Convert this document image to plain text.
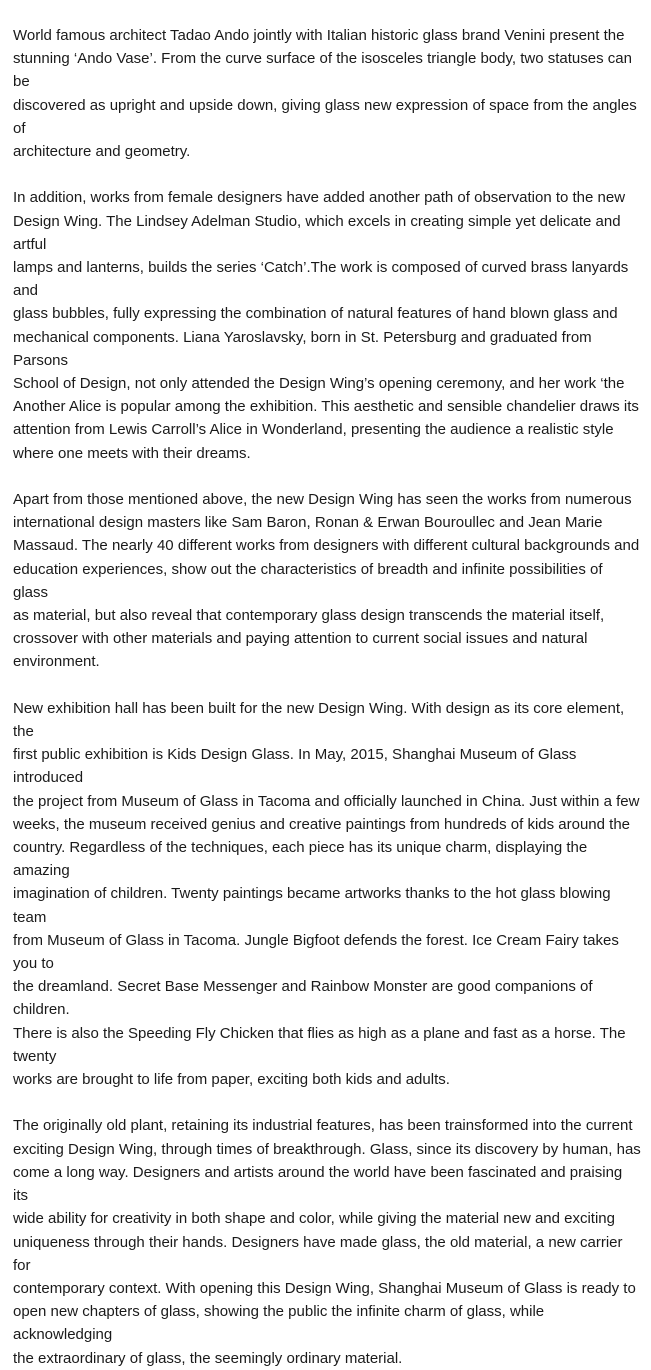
World famous architect Tadao Ando jointly with Italian historic glass brand Venini present the
stunning ‘Ando Vase’. From the curve surface of the isosceles triangle body, two statuses can be
discovered as upright and upside down, giving glass new expression of space from the angles of
architecture and geometry.

In addition, works from female designers have added another path of observation to the new
Design Wing. The Lindsey Adelman Studio, which excels in creating simple yet delicate and artful
lamps and lanterns, builds the series ‘Catch’.The work is composed of curved brass lanyards and
glass bubbles, fully expressing the combination of natural features of hand blown glass and
mechanical components. Liana Yaroslavsky, born in St. Petersburg and graduated from Parsons
School of Design, not only attended the Design Wing’s opening ceremony, and her work ‘the
Another Alice is popular among the exhibition. This aesthetic and sensible chandelier draws its
attention from Lewis Carroll’s Alice in Wonderland, presenting the audience a realistic style
where one meets with their dreams.

Apart from those mentioned above, the new Design Wing has seen the works from numerous
international design masters like Sam Baron, Ronan & Erwan Bouroullec and Jean Marie
Massaud. The nearly 40 different works from designers with different cultural backgrounds and
education experiences, show out the characteristics of breadth and infinite possibilities of glass
as material, but also reveal that contemporary glass design transcends the material itself,
crossover with other materials and paying attention to current social issues and natural
environment.

New exhibition hall has been built for the new Design Wing. With design as its core element, the
first public exhibition is Kids Design Glass. In May, 2015, Shanghai Museum of Glass introduced
the project from Museum of Glass in Tacoma and officially launched in China. Just within a few
weeks, the museum received genius and creative paintings from hundreds of kids around the
country. Regardless of the techniques, each piece has its unique charm, displaying the amazing
imagination of children. Twenty paintings became artworks thanks to the hot glass blowing team
from Museum of Glass in Tacoma. Jungle Bigfoot defends the forest. Ice Cream Fairy takes you to
the dreamland. Secret Base Messenger and Rainbow Monster are good companions of children.
There is also the Speeding Fly Chicken that flies as high as a plane and fast as a horse. The twenty
works are brought to life from paper, exciting both kids and adults.

The originally old plant, retaining its industrial features, has been trainsformed into the current
exciting Design Wing, through times of breakthrough. Glass, since its discovery by human, has
come a long way. Designers and artists around the world have been fascinated and praising its
wide ability for creativity in both shape and color, while giving the material new and exciting
uniqueness through their hands. Designers have made glass, the old material, a new carrier for
contemporary context. With opening this Design Wing, Shanghai Museum of Glass is ready to
open new chapters of glass, showing the public the infinite charm of glass, while acknowledging
the extraordinary of glass, the seemingly ordinary material.
